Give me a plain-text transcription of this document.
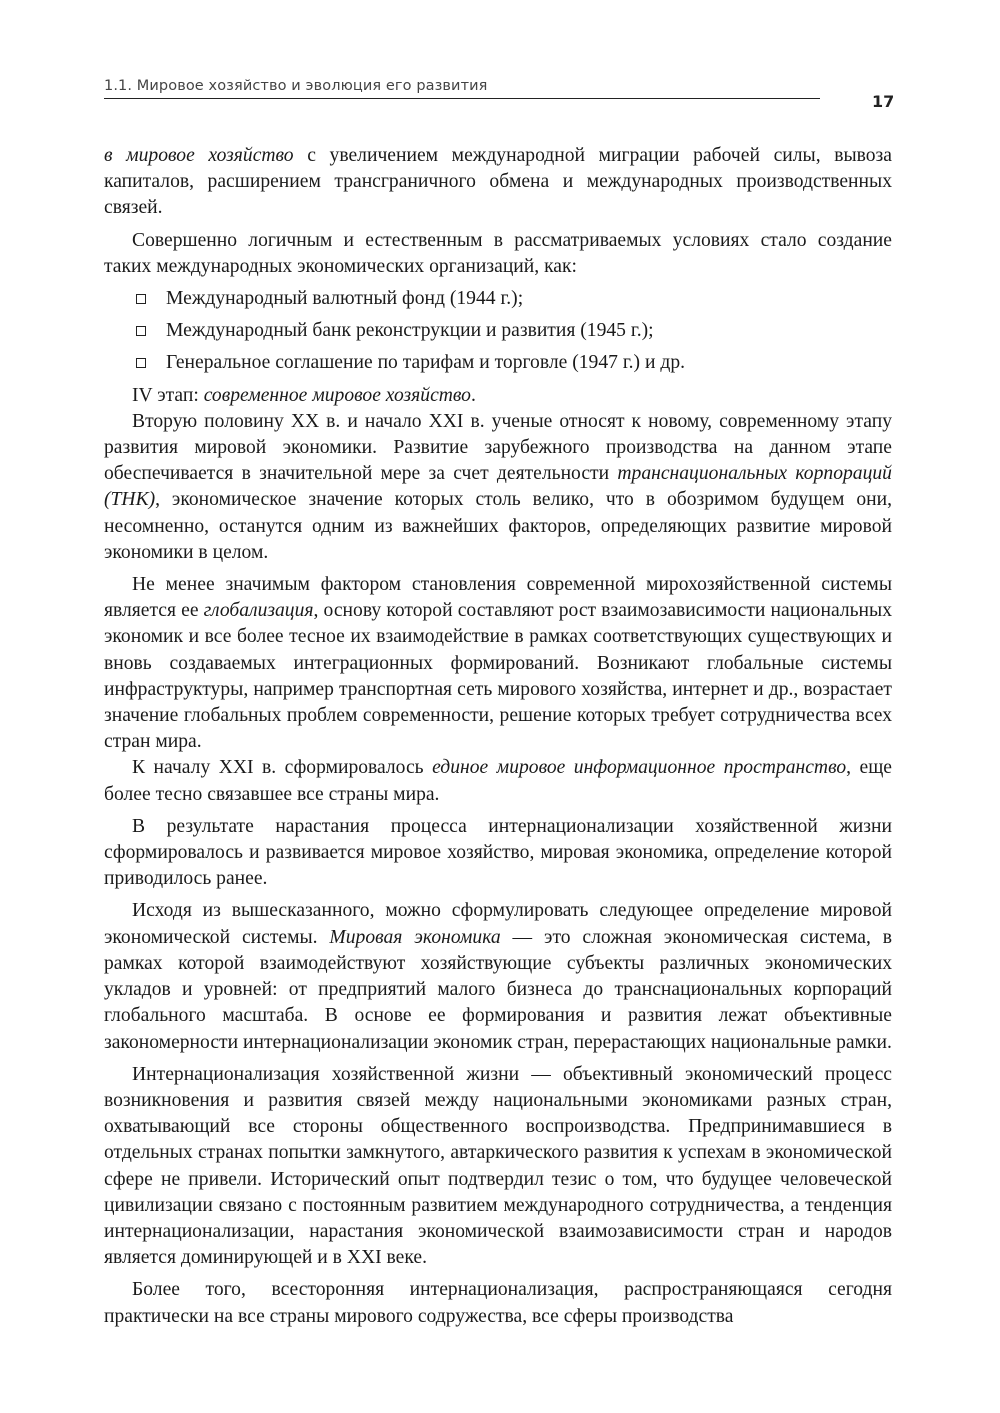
1.1. Мировое хозяйство и эволюция его развития
17

в мировое хозяйство с увеличением международной миграции рабочей силы, вывоза капиталов, расширением трансграничного обмена и международных производственных связей.

Совершенно логичным и естественным в рассматриваемых условиях стало создание таких международных экономических организаций, как:

Международный валютный фонд (1944 г.);
Международный банк реконструкции и развития (1945 г.);
Генеральное соглашение по тарифам и торговле (1947 г.) и др.

IV этап: современное мировое хозяйство.

Вторую половину XX в. и начало XXI в. ученые относят к новому, современному этапу развития мировой экономики. Развитие зарубежного производства на данном этапе обеспечивается в значительной мере за счет деятельности транснациональных корпораций (ТНК), экономическое значение которых столь велико, что в обозримом будущем они, несомненно, останутся одним из важнейших факторов, определяющих развитие мировой экономики в целом.

Не менее значимым фактором становления современной мирохозяйственной системы является ее глобализация, основу которой составляют рост взаимозависимости национальных экономик и все более тесное их взаимодействие в рамках соответствующих существующих и вновь создаваемых интеграционных формирований. Возникают глобальные системы инфраструктуры, например транспортная сеть мирового хозяйства, интернет и др., возрастает значение глобальных проблем современности, решение которых требует сотрудничества всех стран мира.

К началу XXI в. сформировалось единое мировое информационное пространство, еще более тесно связавшее все страны мира.

В результате нарастания процесса интернационализации хозяйственной жизни сформировалось и развивается мировое хозяйство, мировая экономика, определение которой приводилось ранее.

Исходя из вышесказанного, можно сформулировать следующее определение мировой экономической системы. Мировая экономика — это сложная экономическая система, в рамках которой взаимодействуют хозяйствующие субъекты различных экономических укладов и уровней: от предприятий малого бизнеса до транснациональных корпораций глобального масштаба. В основе ее формирования и развития лежат объективные закономерности интернационализации экономик стран, перерастающих национальные рамки.

Интернационализация хозяйственной жизни — объективный экономический процесс возникновения и развития связей между национальными экономиками разных стран, охватывающий все стороны общественного воспроизводства. Предпринимавшиеся в отдельных странах попытки замкнутого, автаркического развития к успехам в экономической сфере не привели. Исторический опыт подтвердил тезис о том, что будущее человеческой цивилизации связано с постоянным развитием международного сотрудничества, а тенденция интернационализации, нарастания экономической взаимозависимости стран и народов является доминирующей и в XXI веке.

Более того, всесторонняя интернационализация, распространяющаяся сегодня практически на все страны мирового содружества, все сферы производства
